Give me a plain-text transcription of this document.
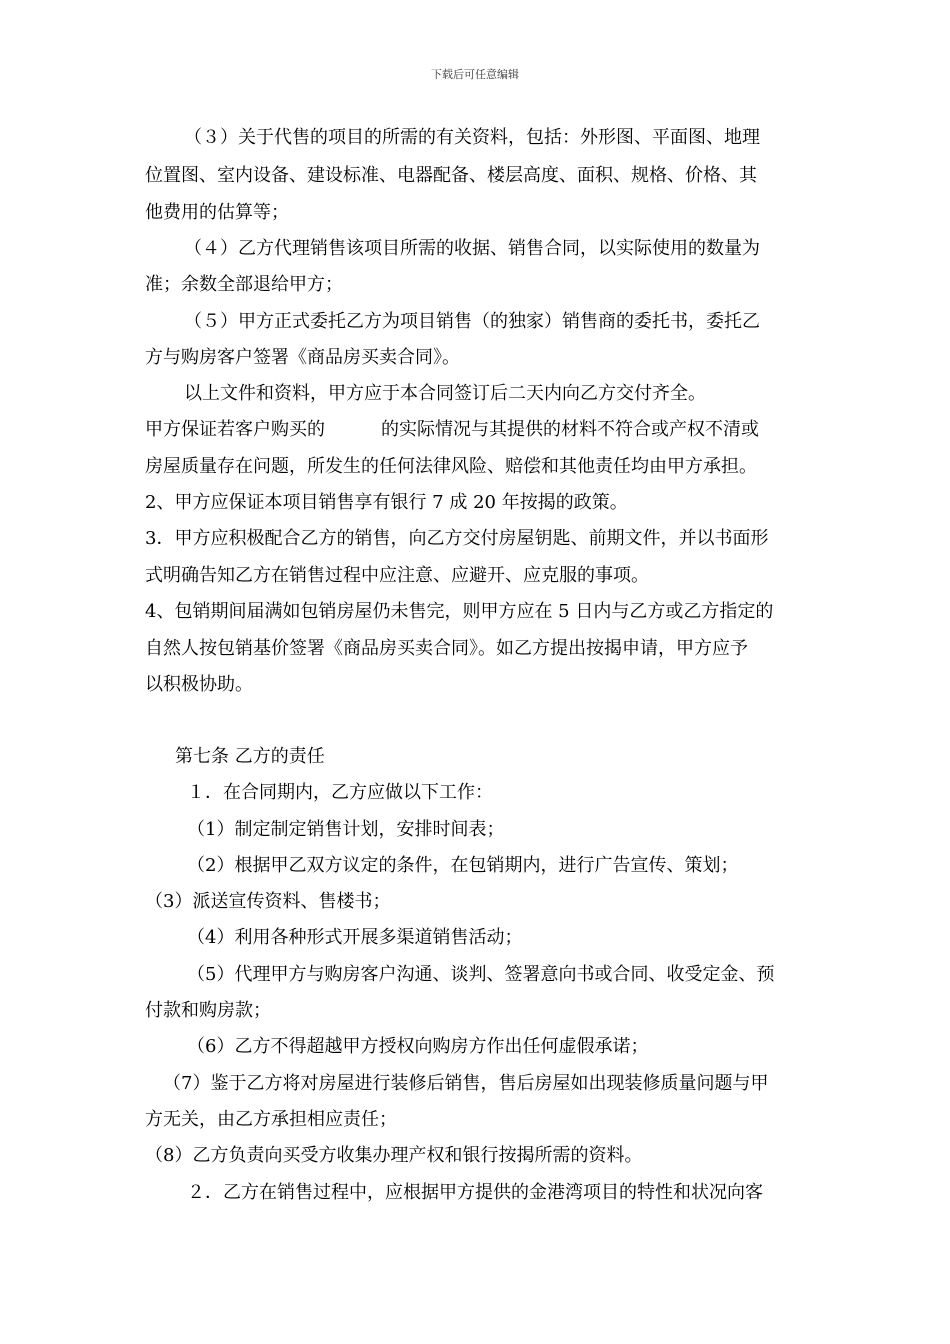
下载后可任意编辑
（３）关于代售的项目的所需的有关资料，包括：外形图、平面图、地理
位置图、室内设备、建设标准、电器配备、楼层高度、面积、规格、价格、其
他费用的估算等；
（４）乙方代理销售该项目所需的收据、销售合同，以实际使用的数量为
准；余数全部退给甲方；
（５）甲方正式委托乙方为项目销售（的独家）销售商的委托书，委托乙
方与购房客户签署《商品房买卖合同》。
以上文件和资料，甲方应于本合同签订后二天内向乙方交付齐全。
房屋质量存在问题，所发生的任何法律风险、赔偿和其他责任均由甲方承担。
2、甲方应保证本项目销售享有银行 7 成 20 年按揭的政策。
3．甲方应积极配合乙方的销售，向乙方交付房屋钥匙、前期文件，并以书面形
式明确告知乙方在销售过程中应注意、应避开、应克服的事项。
4、包销期间届满如包销房屋仍未售完，则甲方应在 5 日内与乙方或乙方指定的
自然人按包销基价签署《商品房买卖合同》。如乙方提出按揭申请，甲方应予
以积极协助。
第七条 乙方的责任
１．在合同期内，乙方应做以下工作：
（1）制定制定销售计划，安排时间表；
（2）根据甲乙双方议定的条件，在包销期内，进行广告宣传、策划；
（3）派送宣传资料、售楼书；
（4）利用各种形式开展多渠道销售活动；
（5）代理甲方与购房客户沟通、谈判、签署意向书或合同、收受定金、预
付款和购房款；
（6）乙方不得超越甲方授权向购房方作出任何虚假承诺；
（7）鉴于乙方将对房屋进行装修后销售，售后房屋如出现装修质量问题与甲
方无关，由乙方承担相应责任；
（8）乙方负责向买受方收集办理产权和银行按揭所需的资料。
２．乙方在销售过程中，应根据甲方提供的金港湾项目的特性和状况向客
甲方保证若客户购买的	的实际情况与其提供的材料不符合或产权不清或
